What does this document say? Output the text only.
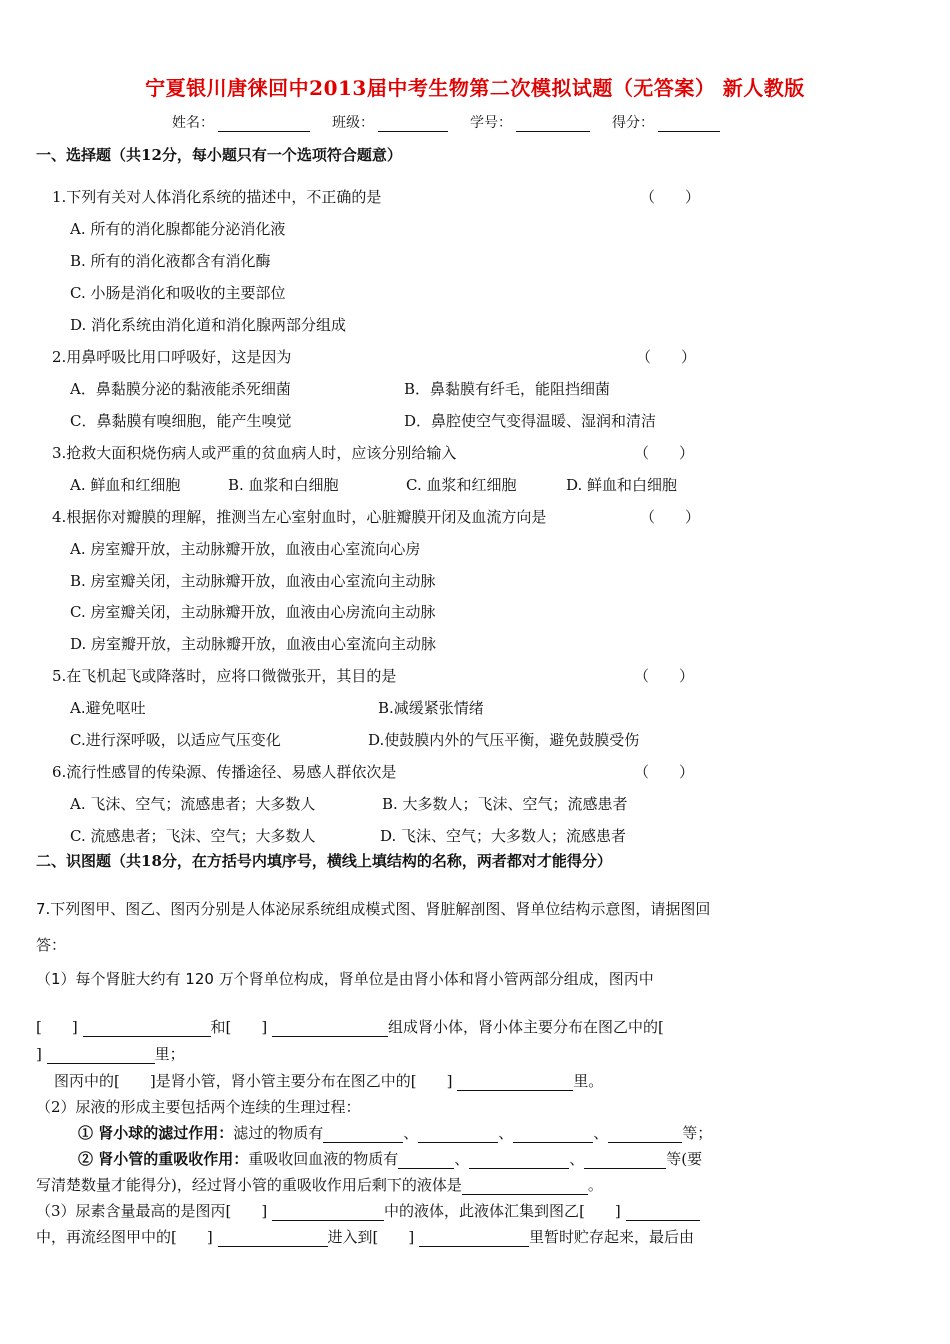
宁夏银川唐徕回中2013届中考生物第二次模拟试题（无答案） 新人教版
姓名：	班级：	学号：	得分：
一、选择题（共12分，每小题只有一个选项符合题意）
1.下列有关对人体消化系统的描述中，不正确的是	（　　）
A. 所有的消化腺都能分泌消化液
B. 所有的消化液都含有消化酶
C. 小肠是消化和吸收的主要部位
D. 消化系统由消化道和消化腺两部分组成
2.用鼻呼吸比用口呼吸好，这是因为	（　　）
A．鼻黏膜分泌的黏液能杀死细菌	B．鼻黏膜有纤毛，能阻挡细菌
C．鼻黏膜有嗅细胞，能产生嗅觉	D．鼻腔使空气变得温暖、湿润和清洁
3.抢救大面积烧伤病人或严重的贫血病人时，应该分别给输入	（　　）
A. 鲜血和红细胞	B. 血浆和白细胞	C. 血浆和红细胞	D. 鲜血和白细胞
4.根据你对瓣膜的理解，推测当左心室射血时，心脏瓣膜开闭及血流方向是	（　　）
A. 房室瓣开放，主动脉瓣开放，血液由心室流向心房
B. 房室瓣关闭，主动脉瓣开放，血液由心室流向主动脉
C. 房室瓣关闭，主动脉瓣开放，血液由心房流向主动脉
D. 房室瓣开放，主动脉瓣开放，血液由心室流向主动脉
5.在飞机起飞或降落时，应将口微微张开，其目的是	（　　）
A.避免呕吐	B.减缓紧张情绪
C.进行深呼吸，以适应气压变化	D.使鼓膜内外的气压平衡，避免鼓膜受伤
6.流行性感冒的传染源、传播途径、易感人群依次是	（　　）
A. 飞沫、空气；流感患者；大多数人	B. 大多数人；飞沫、空气；流感患者
C. 流感患者；飞沫、空气；大多数人	D. 飞沫、空气；大多数人；流感患者
二、识图题（共18分，在方括号内填序号，横线上填结构的名称，两者都对才能得分）
7.下列图甲、图乙、图丙分别是人体泌尿系统组成模式图、肾脏解剖图、肾单位结构示意图，请据图回
答：
（1）每个肾脏大约有 120 万个肾单位构成，肾单位是由肾小体和肾小管两部分组成，图丙中
[　　]	和[　　]	组成肾小体，肾小体主要分布在图乙中的[
]	里；
图丙中的[　　]是肾小管，肾小管主要分布在图乙中的[　　]	里。
（2）尿液的形成主要包括两个连续的生理过程：
① 肾小球的滤过作用：滤过的物质有	、	、	、	等；
② 肾小管的重吸收作用：重吸收回血液的物质有	、	、	等(要
写清楚数量才能得分)，经过肾小管的重吸收作用后剩下的液体是	。
（3）尿素含量最高的是图丙[　　]	中的液体，此液体汇集到图乙[　　]
中，再流经图甲中的[　　]	进入到[　　]	里暂时贮存起来，最后由
